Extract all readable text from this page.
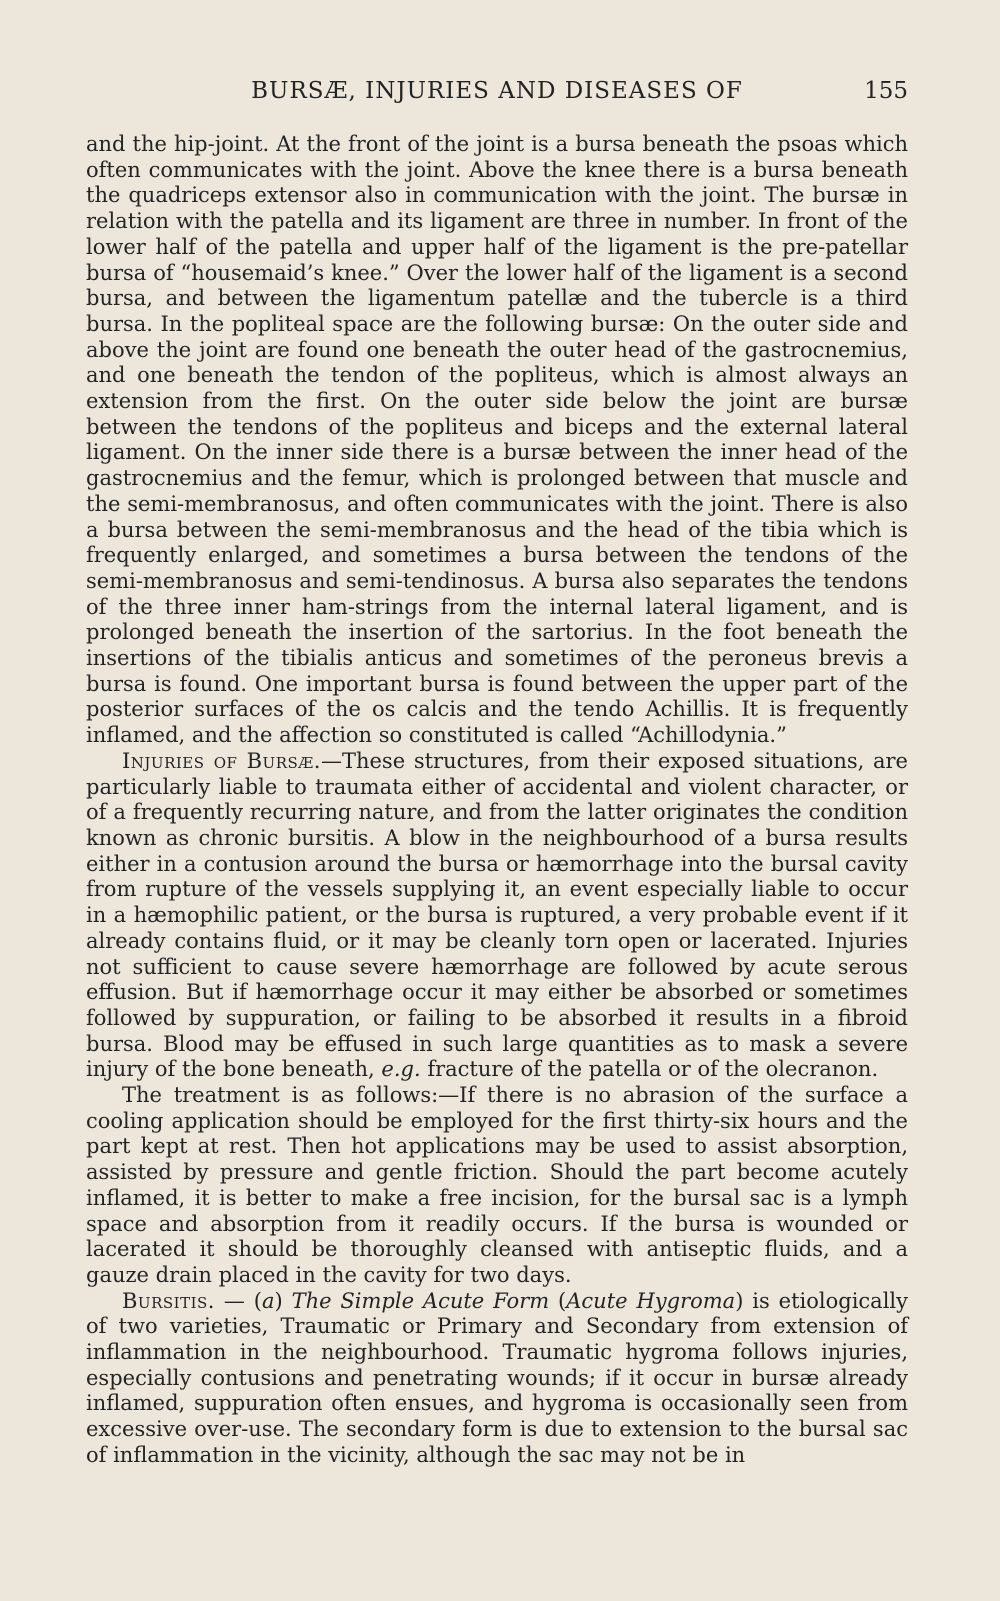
BURSÆ, INJURIES AND DISEASES OF	155

and the hip-joint. At the front of the joint is a bursa beneath the psoas which often communicates with the joint. Above the knee there is a bursa beneath the quadriceps extensor also in communication with the joint. The bursæ in relation with the patella and its ligament are three in number. In front of the lower half of the patella and upper half of the ligament is the pre-patellar bursa of “housemaid’s knee.” Over the lower half of the ligament is a second bursa, and between the ligamentum patellæ and the tubercle is a third bursa. In the popliteal space are the following bursæ: On the outer side and above the joint are found one beneath the outer head of the gastrocnemius, and one beneath the tendon of the popliteus, which is almost always an extension from the first. On the outer side below the joint are bursæ between the tendons of the popliteus and biceps and the external lateral ligament. On the inner side there is a bursæ between the inner head of the gastrocnemius and the femur, which is prolonged between that muscle and the semi-membranosus, and often communicates with the joint. There is also a bursa between the semi-membranosus and the head of the tibia which is frequently enlarged, and sometimes a bursa between the tendons of the semi-membranosus and semi-tendinosus. A bursa also separates the tendons of the three inner ham-strings from the internal lateral ligament, and is prolonged beneath the insertion of the sartorius. In the foot beneath the insertions of the tibialis anticus and sometimes of the peroneus brevis a bursa is found. One important bursa is found between the upper part of the posterior surfaces of the os calcis and the tendo Achillis. It is frequently inflamed, and the affection so constituted is called “Achillodynia.”

Injuries of Bursæ.—These structures, from their exposed situations, are particularly liable to traumata either of accidental and violent character, or of a frequently recurring nature, and from the latter originates the condition known as chronic bursitis. A blow in the neighbourhood of a bursa results either in a contusion around the bursa or hæmorrhage into the bursal cavity from rupture of the vessels supplying it, an event especially liable to occur in a hæmophilic patient, or the bursa is ruptured, a very probable event if it already contains fluid, or it may be cleanly torn open or lacerated. Injuries not sufficient to cause severe hæmorrhage are followed by acute serous effusion. But if hæmorrhage occur it may either be absorbed or sometimes followed by suppuration, or failing to be absorbed it results in a fibroid bursa. Blood may be effused in such large quantities as to mask a severe injury of the bone beneath, e.g. fracture of the patella or of the olecranon.

The treatment is as follows:—If there is no abrasion of the surface a cooling application should be employed for the first thirty-six hours and the part kept at rest. Then hot applications may be used to assist absorption, assisted by pressure and gentle friction. Should the part become acutely inflamed, it is better to make a free incision, for the bursal sac is a lymph space and absorption from it readily occurs. If the bursa is wounded or lacerated it should be thoroughly cleansed with antiseptic fluids, and a gauze drain placed in the cavity for two days.

Bursitis. — (a) The Simple Acute Form (Acute Hygroma) is etiologically of two varieties, Traumatic or Primary and Secondary from extension of inflammation in the neighbourhood. Traumatic hygroma follows injuries, especially contusions and penetrating wounds; if it occur in bursæ already inflamed, suppuration often ensues, and hygroma is occasionally seen from excessive over-use. The secondary form is due to extension to the bursal sac of inflammation in the vicinity, although the sac may not be in
